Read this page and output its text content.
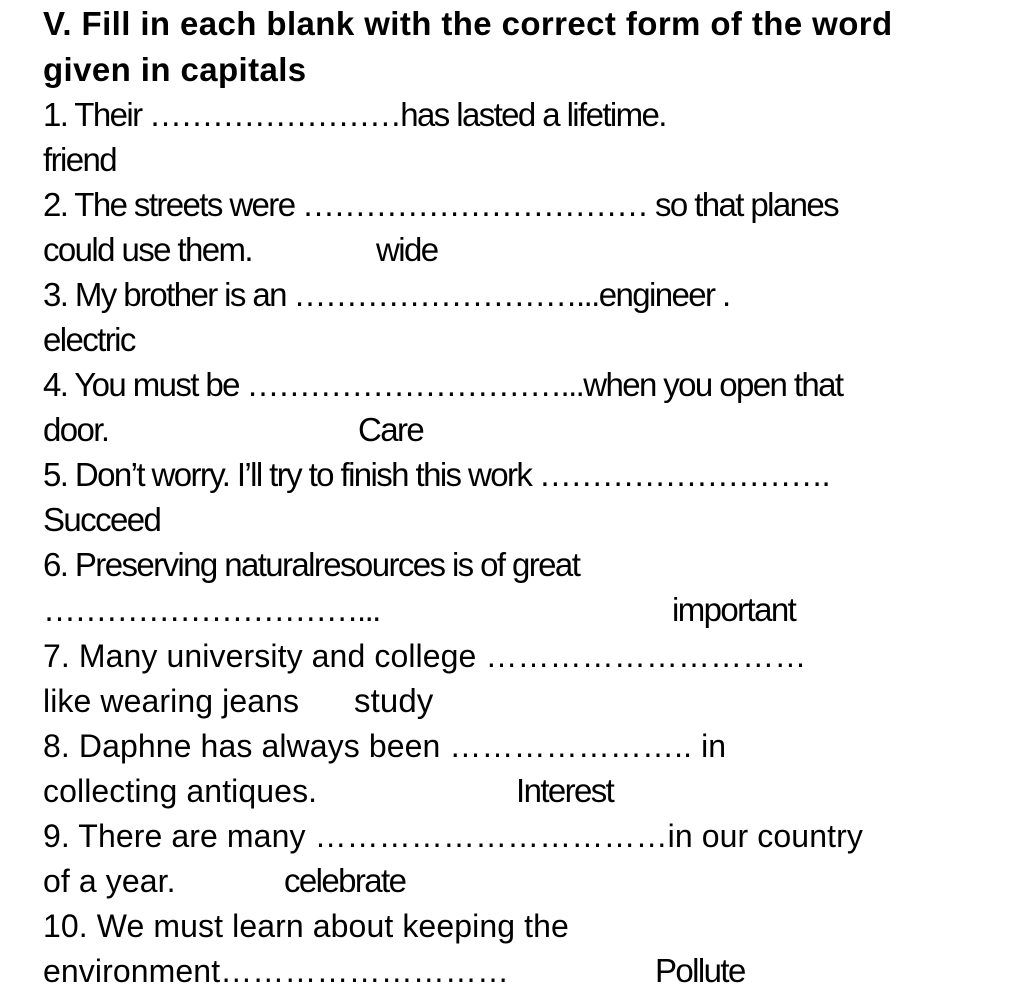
V. Fill in each blank with the correct form of the word
given in capitals
1. Their ……………………has lasted a lifetime.
friend
2. The streets were …………………………… so that planes
could use them.	wide
3. My brother is an ………………………...engineer .
electric
4. You must be …………………………...when you open that
door.	Care
5. Don’t worry. I’ll try to finish this work ……………………….
Succeed
6. Preserving naturalresources is of great
…………………………...	important
7. Many university and college …………………………
like wearing jeans study
8. Daphne has always been ………………….. in
collecting antiques.	Interest
9. There are many ……………………………in our country
of a year.	celebrate
10. We must learn about keeping the
environment………………………	Pollute
